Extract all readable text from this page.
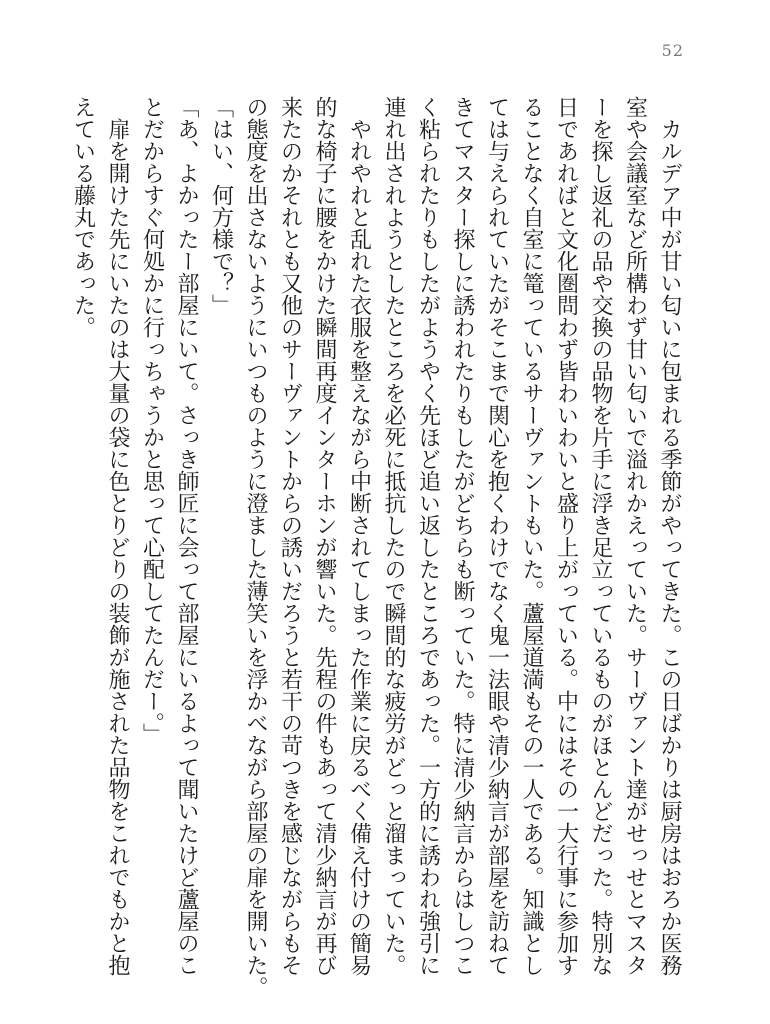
52
　カルデア中が甘い匂いに包まれる季節がやってきた。この日ばかりは厨房はおろか医務
室や会議室など所構わず甘い匂いで溢れかえっていた。サーヴァント達がせっせとマスタ
ーを探し返礼の品や交換の品物を片手に浮き足立っているものがほとんどだった。特別な
日であればと文化圏問わず皆わいわいと盛り上がっている。中にはその一大行事に参加す
ることなく自室に篭っているサーヴァントもいた。蘆屋道満もその一人である。知識とし
ては与えられていたがそこまで関心を抱くわけでなく鬼一法眼や清少納言が部屋を訪ねて
きてマスター探しに誘われたりもしたがどちらも断っていた。特に清少納言からはしつこ
く粘られたりもしたがようやく先ほど追い返したところであった。一方的に誘われ強引に
連れ出されようとしたところを必死に抵抗したので瞬間的な疲労がどっと溜まっていた。
　やれやれと乱れた衣服を整えながら中断されてしまった作業に戻るべく備え付けの簡易
的な椅子に腰をかけた瞬間再度インターホンが響いた。先程の件もあって清少納言が再び
来たのかそれとも又他のサーヴァントからの誘いだろうと若干の苛つきを感じながらもそ
の態度を出さないようにいつものように澄ました薄笑いを浮かべながら部屋の扉を開いた。
「はい、何方様で？」
「あ、よかったー部屋にいて。さっき師匠に会って部屋にいるよって聞いたけど蘆屋のこ
とだからすぐ何処かに行っちゃうかと思って心配してたんだー。」
　扉を開けた先にいたのは大量の袋に色とりどりの装飾が施された品物をこれでもかと抱
えている藤丸であった。
